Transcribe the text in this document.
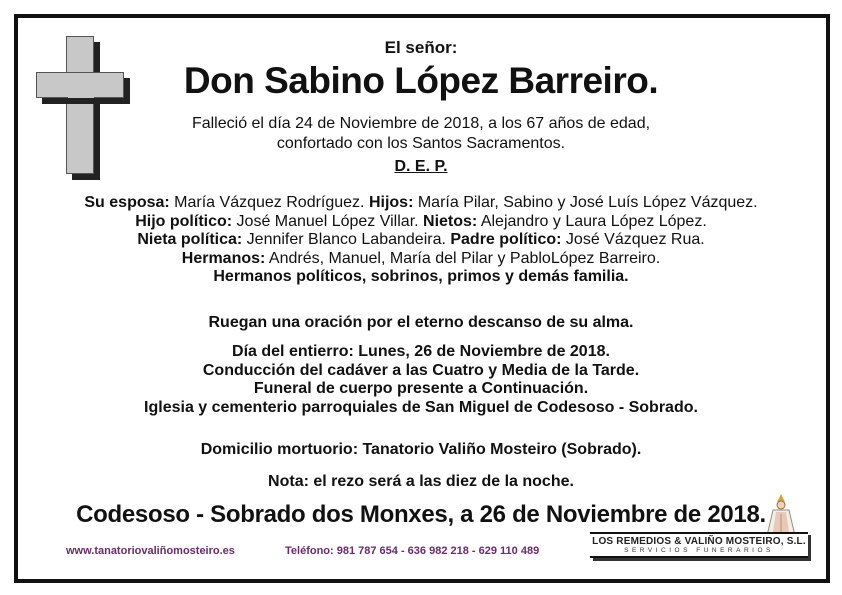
El señor:
Don Sabino López Barreiro.
Falleció el día 24 de Noviembre de 2018, a los 67 años de edad,
confortado con los Santos Sacramentos.
D. E. P.
Su esposa: María Vázquez Rodríguez. Hijos: María Pilar, Sabino y José Luís López Vázquez.
Hijo político: José Manuel López Villar. Nietos: Alejandro y Laura López López.
Nieta política: Jennifer Blanco Labandeira. Padre político: José Vázquez Rua.
Hermanos: Andrés, Manuel, María del Pilar y PabloLópez Barreiro.
Hermanos políticos, sobrinos, primos y demás familia.
Ruegan una oración por el eterno descanso de su alma.
Día del entierro: Lunes, 26 de Noviembre de 2018.
Conducción del cadáver a las Cuatro y Media de la Tarde.
Funeral de cuerpo presente a Continuación.
Iglesia y cementerio parroquiales de San Miguel de Codesoso - Sobrado.
Domicilio mortuorio: Tanatorio Valiño Mosteiro (Sobrado).
Nota: el rezo será a las diez de la noche.
Codesoso - Sobrado dos Monxes, a 26 de Noviembre de 2018.
www.tanatoriovaliñomosteiro.es	Teléfono: 981 787 654 - 636 982 218 - 629 110 489
LOS REMEDIOS & VALIÑO MOSTEIRO, S.L.
SERVICIOS FUNERARIOS
